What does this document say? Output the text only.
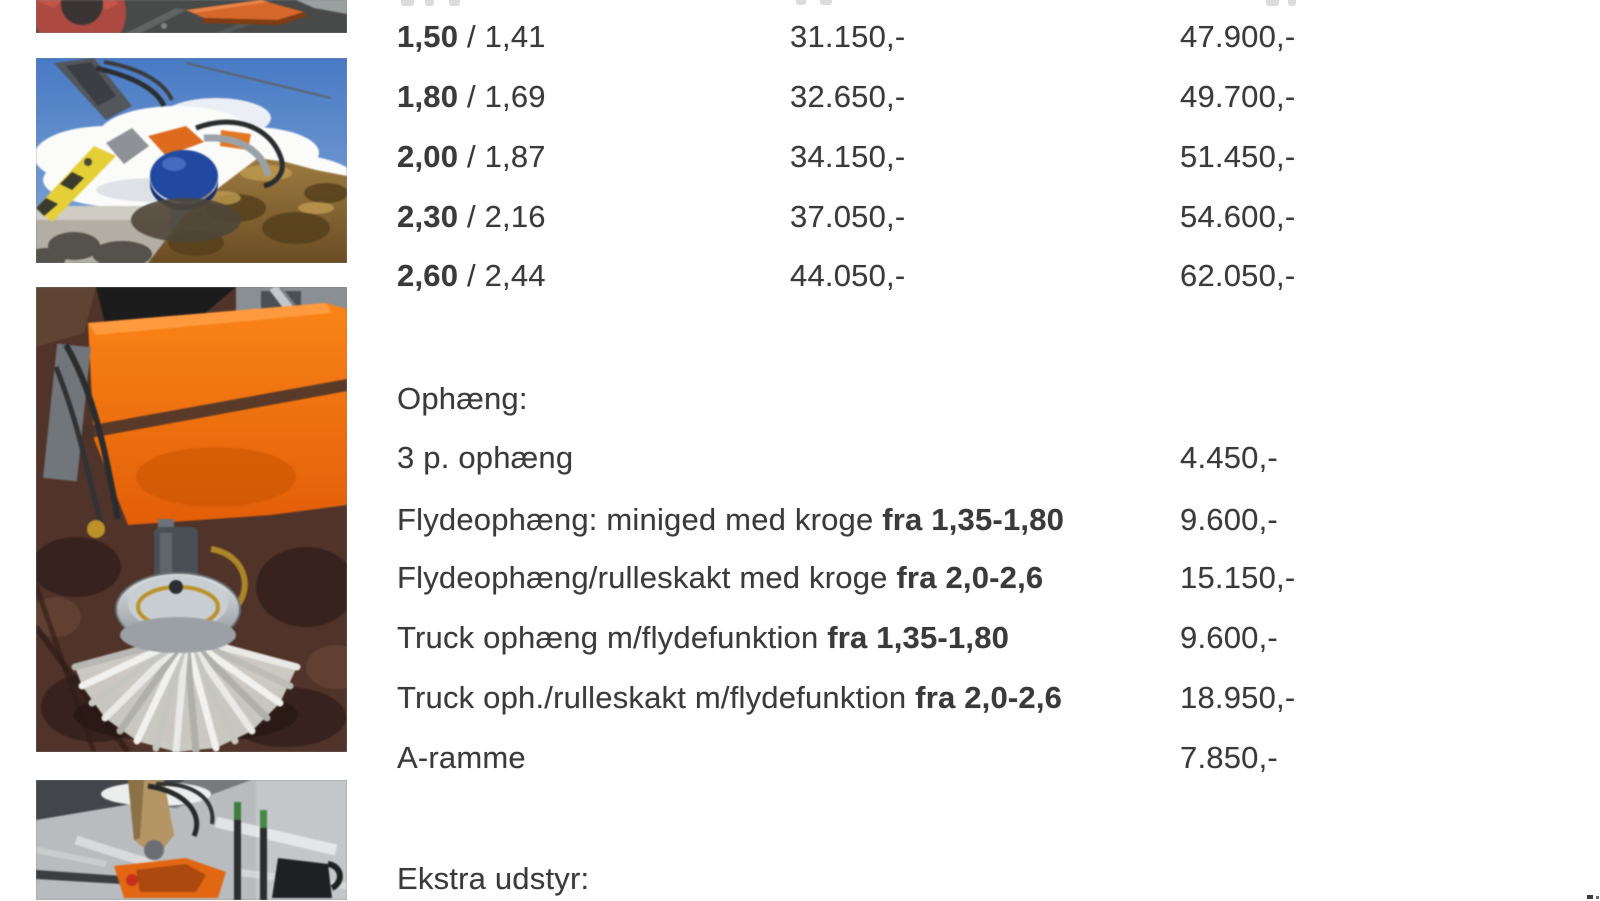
1,50 / 1,41	31.150,-	47.900,-
1,80 / 1,69	32.650,-	49.700,-
2,00 / 1,87	34.150,-	51.450,-
2,30 / 2,16	37.050,-	54.600,-
2,60 / 2,44	44.050,-	62.050,-
Ophæng:
3 p. ophæng	4.450,-
Flydeophæng: miniged med kroge fra 1,35-1,80	9.600,-
Flydeophæng/rulleskakt med kroge fra 2,0-2,6	15.150,-
Truck ophæng m/flydefunktion fra 1,35-1,80	9.600,-
Truck oph./rulleskakt m/flydefunktion fra 2,0-2,6	18.950,-
A-ramme	7.850,-
Ekstra udstyr:
